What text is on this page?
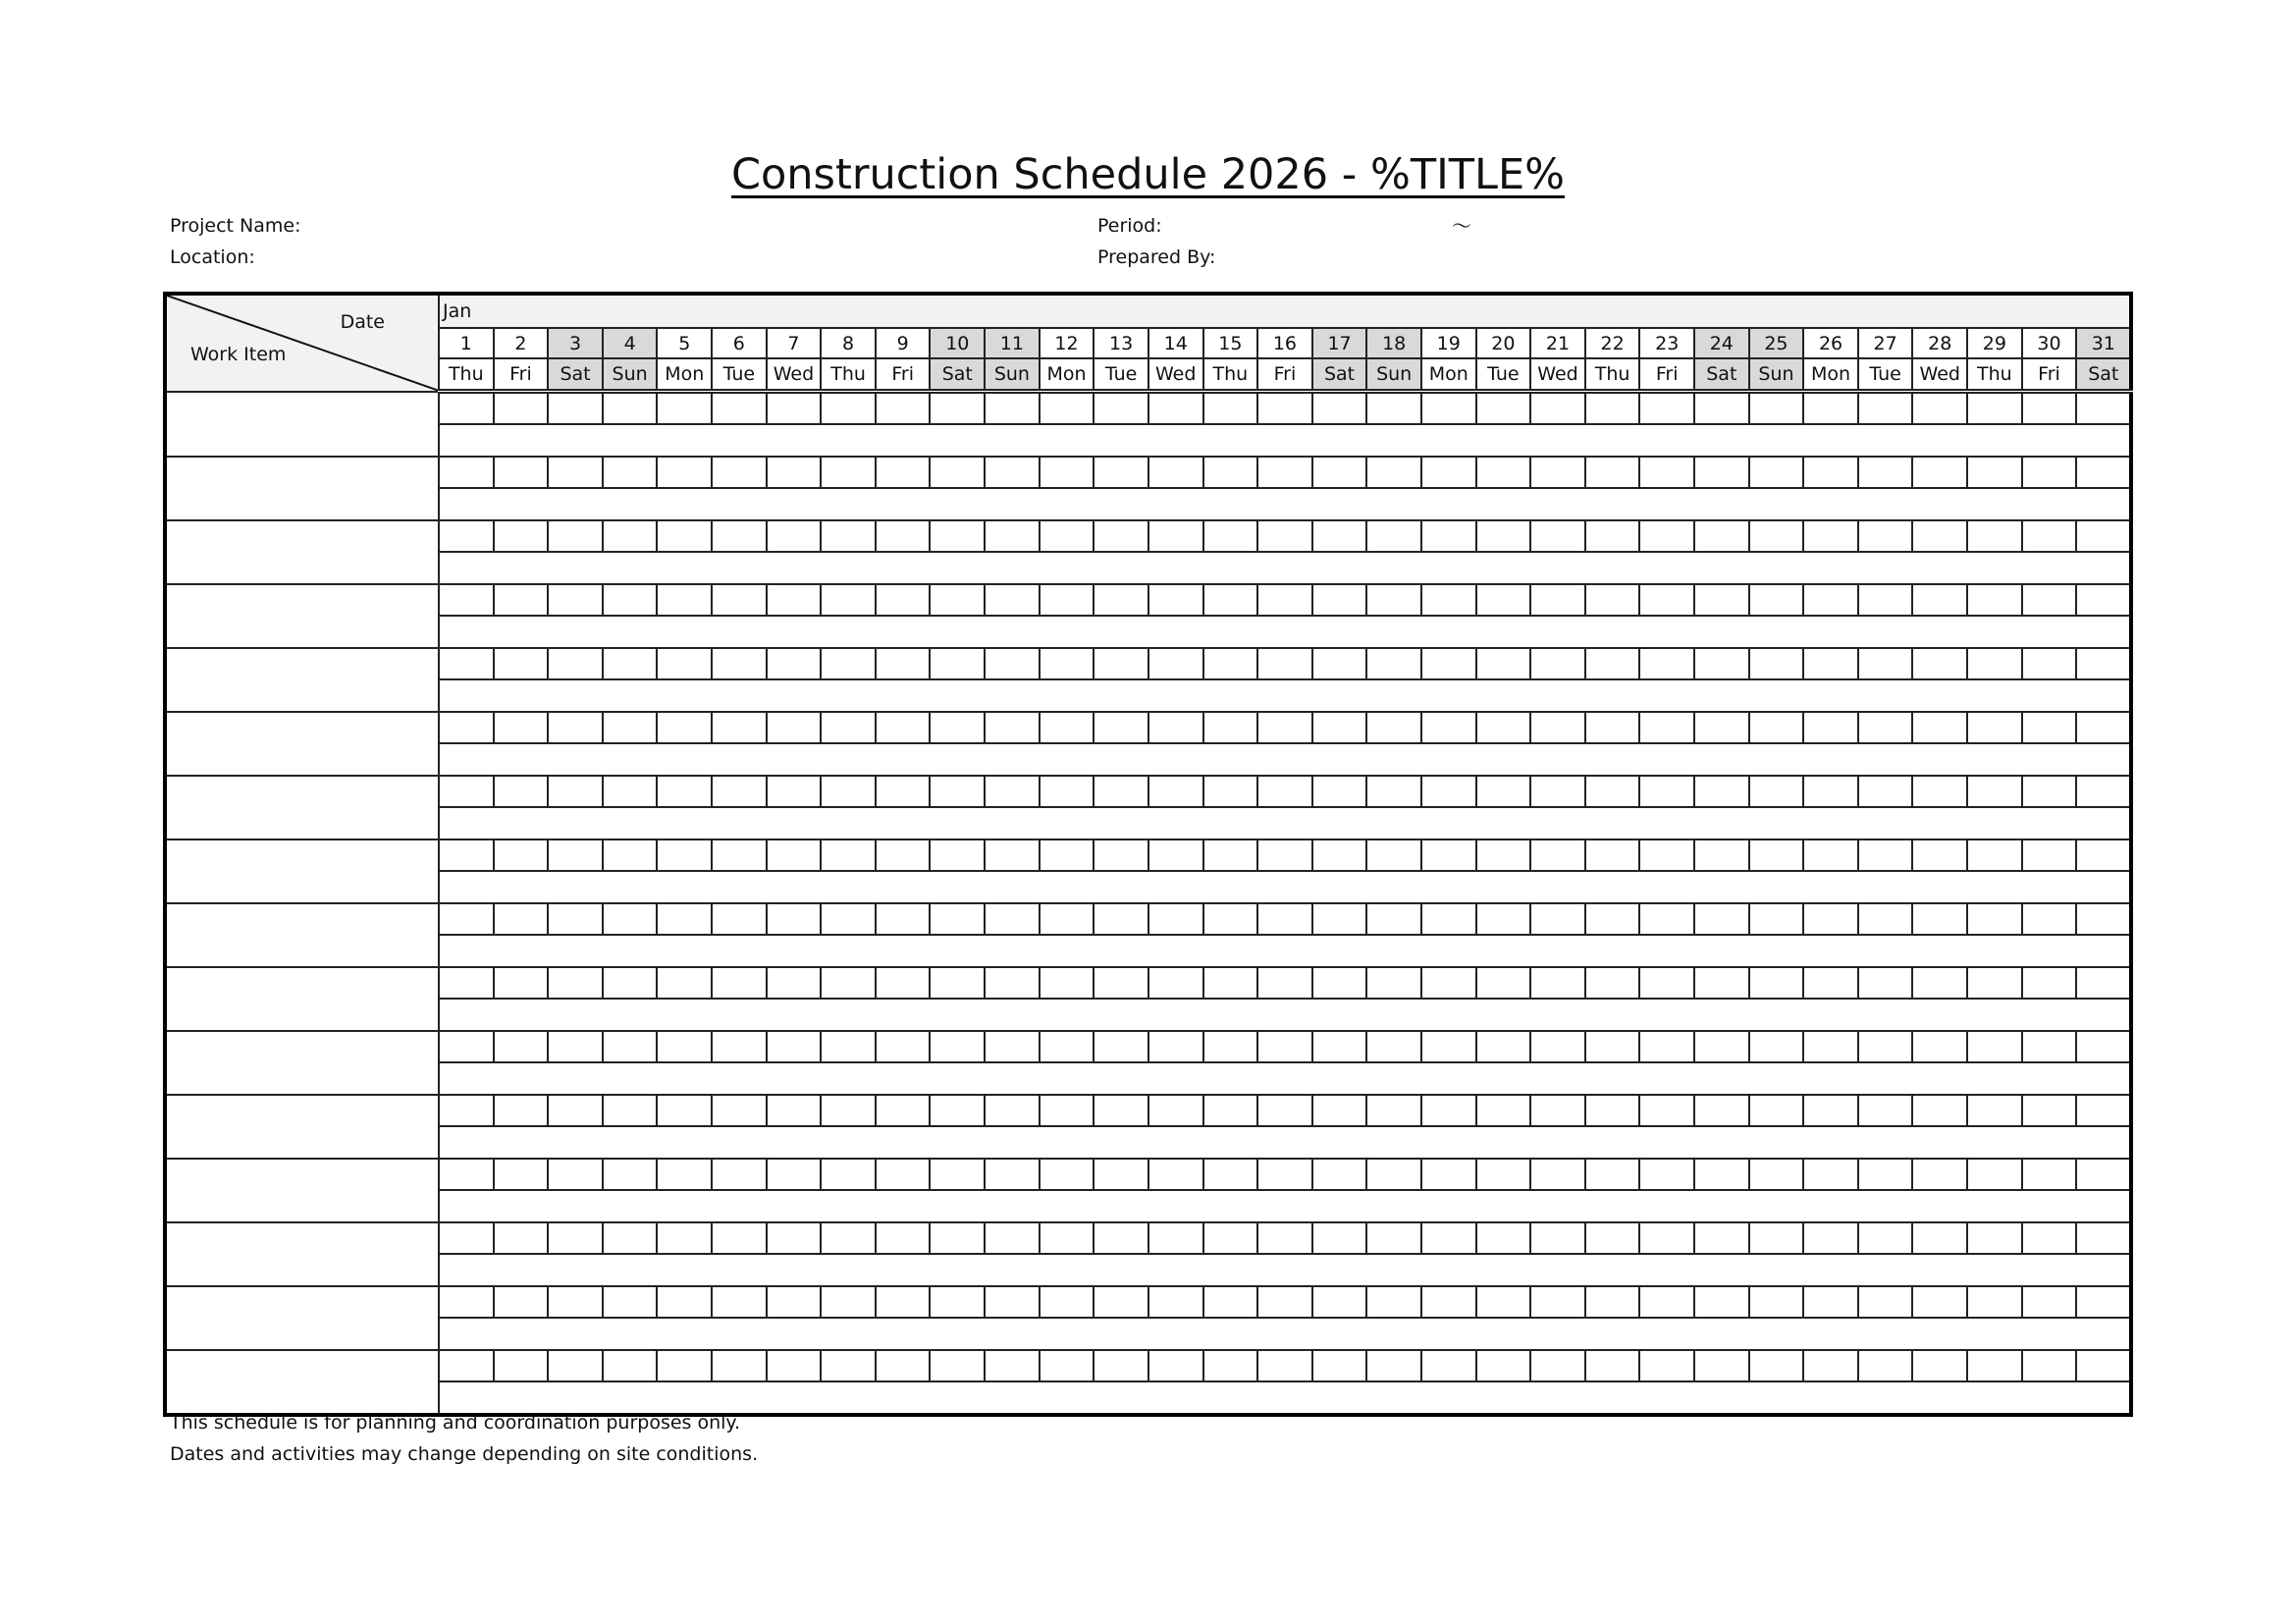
Construction Schedule 2026 - %TITLE%
Project Name:
Location:
Period:	～
Prepared By:
Date
Work Item	Jan																														
	1	2	3	4	5	6	7	8	9	10	11	12	13	14	15	16	17	18	19	20	21	22	23	24	25	26	27	28	29	30	31
	Thu	Fri	Sat	Sun	Mon	Tue	Wed	Thu	Fri	Sat	Sun	Mon	Tue	Wed	Thu	Fri	Sat	Sun	Mon	Tue	Wed	Thu	Fri	Sat	Sun	Mon	Tue	Wed	Thu	Fri	Sat

This schedule is for planning and coordination purposes only.
Dates and activities may change depending on site conditions.
